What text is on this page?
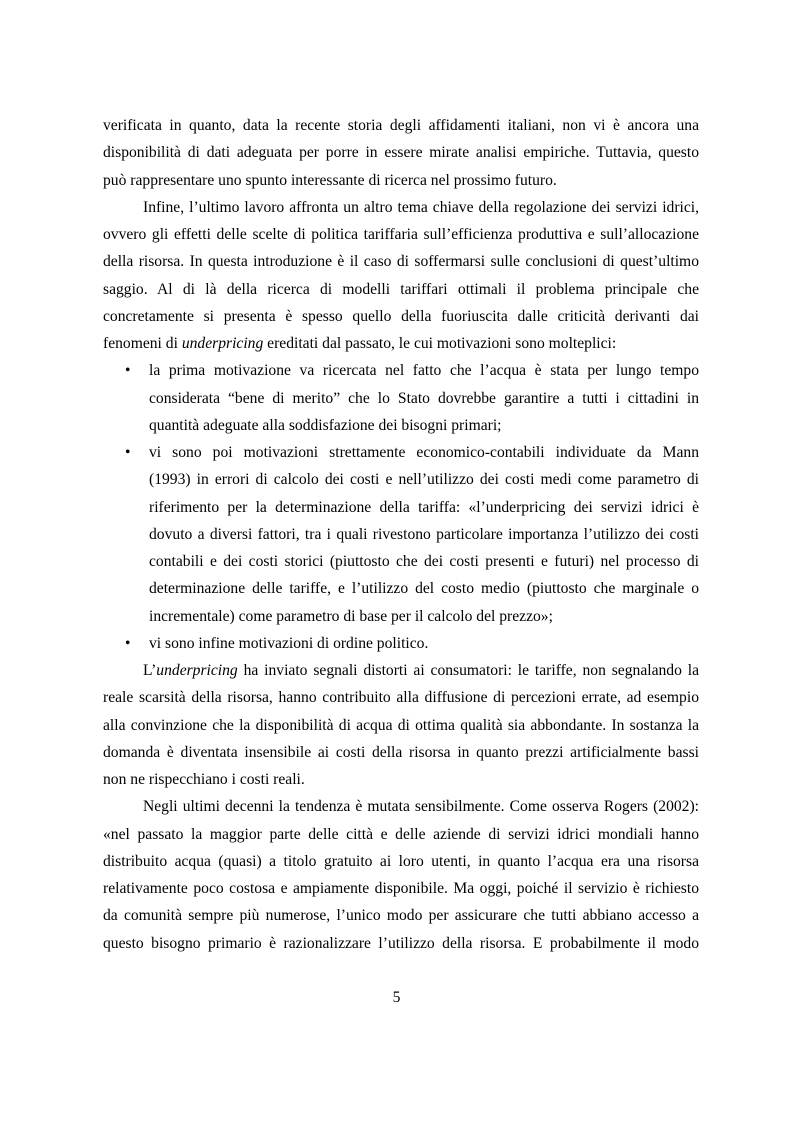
verificata in quanto, data la recente storia degli affidamenti italiani, non vi è ancora una
disponibilità di dati adeguata per porre in essere mirate analisi empiriche. Tuttavia, questo
può rappresentare uno spunto interessante di ricerca nel prossimo futuro.
Infine, l’ultimo lavoro affronta un altro tema chiave della regolazione dei servizi idrici,
ovvero gli effetti delle scelte di politica tariffaria sull’efficienza produttiva e sull’allocazione
della risorsa. In questa introduzione è il caso di soffermarsi sulle conclusioni di quest’ultimo
saggio. Al di là della ricerca di modelli tariffari ottimali il problema principale che
concretamente si presenta è spesso quello della fuoriuscita dalle criticità derivanti dai
fenomeni di underpricing ereditati dal passato, le cui motivazioni sono molteplici:
• la prima motivazione va ricercata nel fatto che l’acqua è stata per lungo tempo
considerata “bene di merito” che lo Stato dovrebbe garantire a tutti i cittadini in
quantità adeguate alla soddisfazione dei bisogni primari;
• vi sono poi motivazioni strettamente economico-contabili individuate da Mann
(1993) in errori di calcolo dei costi e nell’utilizzo dei costi medi come parametro di
riferimento per la determinazione della tariffa: «l’underpricing dei servizi idrici è
dovuto a diversi fattori, tra i quali rivestono particolare importanza l’utilizzo dei costi
contabili e dei costi storici (piuttosto che dei costi presenti e futuri) nel processo di
determinazione delle tariffe, e l’utilizzo del costo medio (piuttosto che marginale o
incrementale) come parametro di base per il calcolo del prezzo»;
• vi sono infine motivazioni di ordine politico.
L’underpricing ha inviato segnali distorti ai consumatori: le tariffe, non segnalando la
reale scarsità della risorsa, hanno contribuito alla diffusione di percezioni errate, ad esempio
alla convinzione che la disponibilità di acqua di ottima qualità sia abbondante. In sostanza la
domanda è diventata insensibile ai costi della risorsa in quanto prezzi artificialmente bassi
non ne rispecchiano i costi reali.
Negli ultimi decenni la tendenza è mutata sensibilmente. Come osserva Rogers (2002):
«nel passato la maggior parte delle città e delle aziende di servizi idrici mondiali hanno
distribuito acqua (quasi) a titolo gratuito ai loro utenti, in quanto l’acqua era una risorsa
relativamente poco costosa e ampiamente disponibile. Ma oggi, poiché il servizio è richiesto
da comunità sempre più numerose, l’unico modo per assicurare che tutti abbiano accesso a
questo bisogno primario è razionalizzare l’utilizzo della risorsa. E probabilmente il modo
5
